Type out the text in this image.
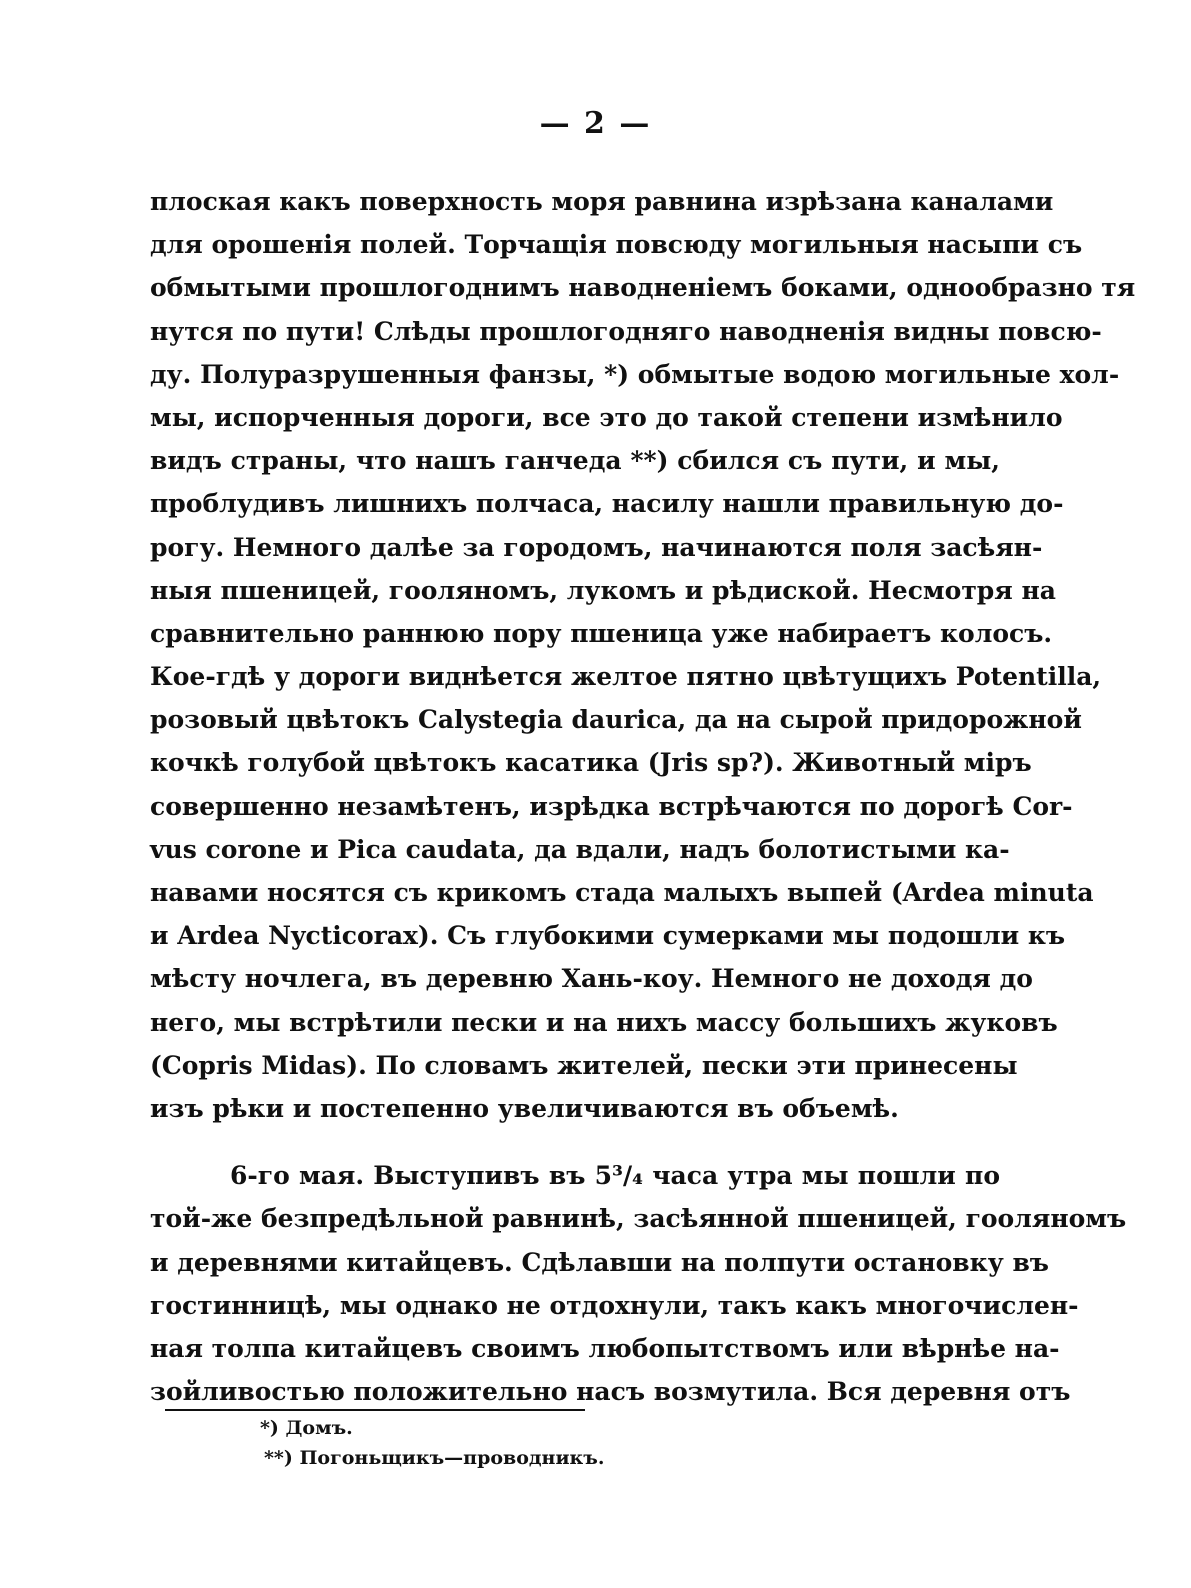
— 2 —
плоская какъ поверхность моря равнина изрѣзана каналами
для орошенія полей. Торчащія повсюду могильныя насыпи съ
обмытыми прошлогоднимъ наводненіемъ боками, однообразно тя
нутся по пути! Слѣды прошлогодняго наводненія видны повсю-
ду. Полуразрушенныя фанзы, *) обмытые водою могильные хол-
мы, испорченныя дороги, все это до такой степени измѣнило
видъ страны, что нашъ ганчеда **) сбился съ пути, и мы,
проблудивъ лишнихъ полчаса, насилу нашли правильную до-
рогу. Немного далѣе за городомъ, начинаются поля засѣян-
ныя пшеницей, гооляномъ, лукомъ и рѣдиской. Несмотря на
сравнительно раннюю пору пшеница уже набираетъ колосъ.
Кое-гдѣ у дороги виднѣется желтое пятно цвѣтущихъ Potentilla,
розовый цвѣтокъ Calystegia daurica, да на сырой придорожной
кочкѣ голубой цвѣтокъ касатика (Jris sp?). Животный міръ
совершенно незамѣтенъ, изрѣдка встрѣчаются по дорогѣ Cor-
vus corone и Pica caudata, да вдали, надъ болотистыми ка-
навами носятся съ крикомъ стада малыхъ выпей (Ardea minuta
и Ardea Nycticorax). Съ глубокими сумерками мы подошли къ
мѣсту ночлега, въ деревню Хань-коу. Немного не доходя до
него, мы встрѣтили пески и на нихъ массу большихъ жуковъ
(Copris Midas). По словамъ жителей, пески эти принесены
изъ рѣки и постепенно увеличиваются въ объемѣ.
6-го мая. Выступивъ въ 5³/₄ часа утра мы пошли по
той-же безпредѣльной равнинѣ, засѣянной пшеницей, гооляномъ
и деревнями китайцевъ. Сдѣлавши на полпути остановку въ
гостинницѣ, мы однако не отдохнули, такъ какъ многочислен-
ная толпа китайцевъ своимъ любопытствомъ или вѣрнѣе на-
зойливостью положительно насъ возмутила. Вся деревня отъ
*) Домъ.
**) Погоньщикъ—проводникъ.
